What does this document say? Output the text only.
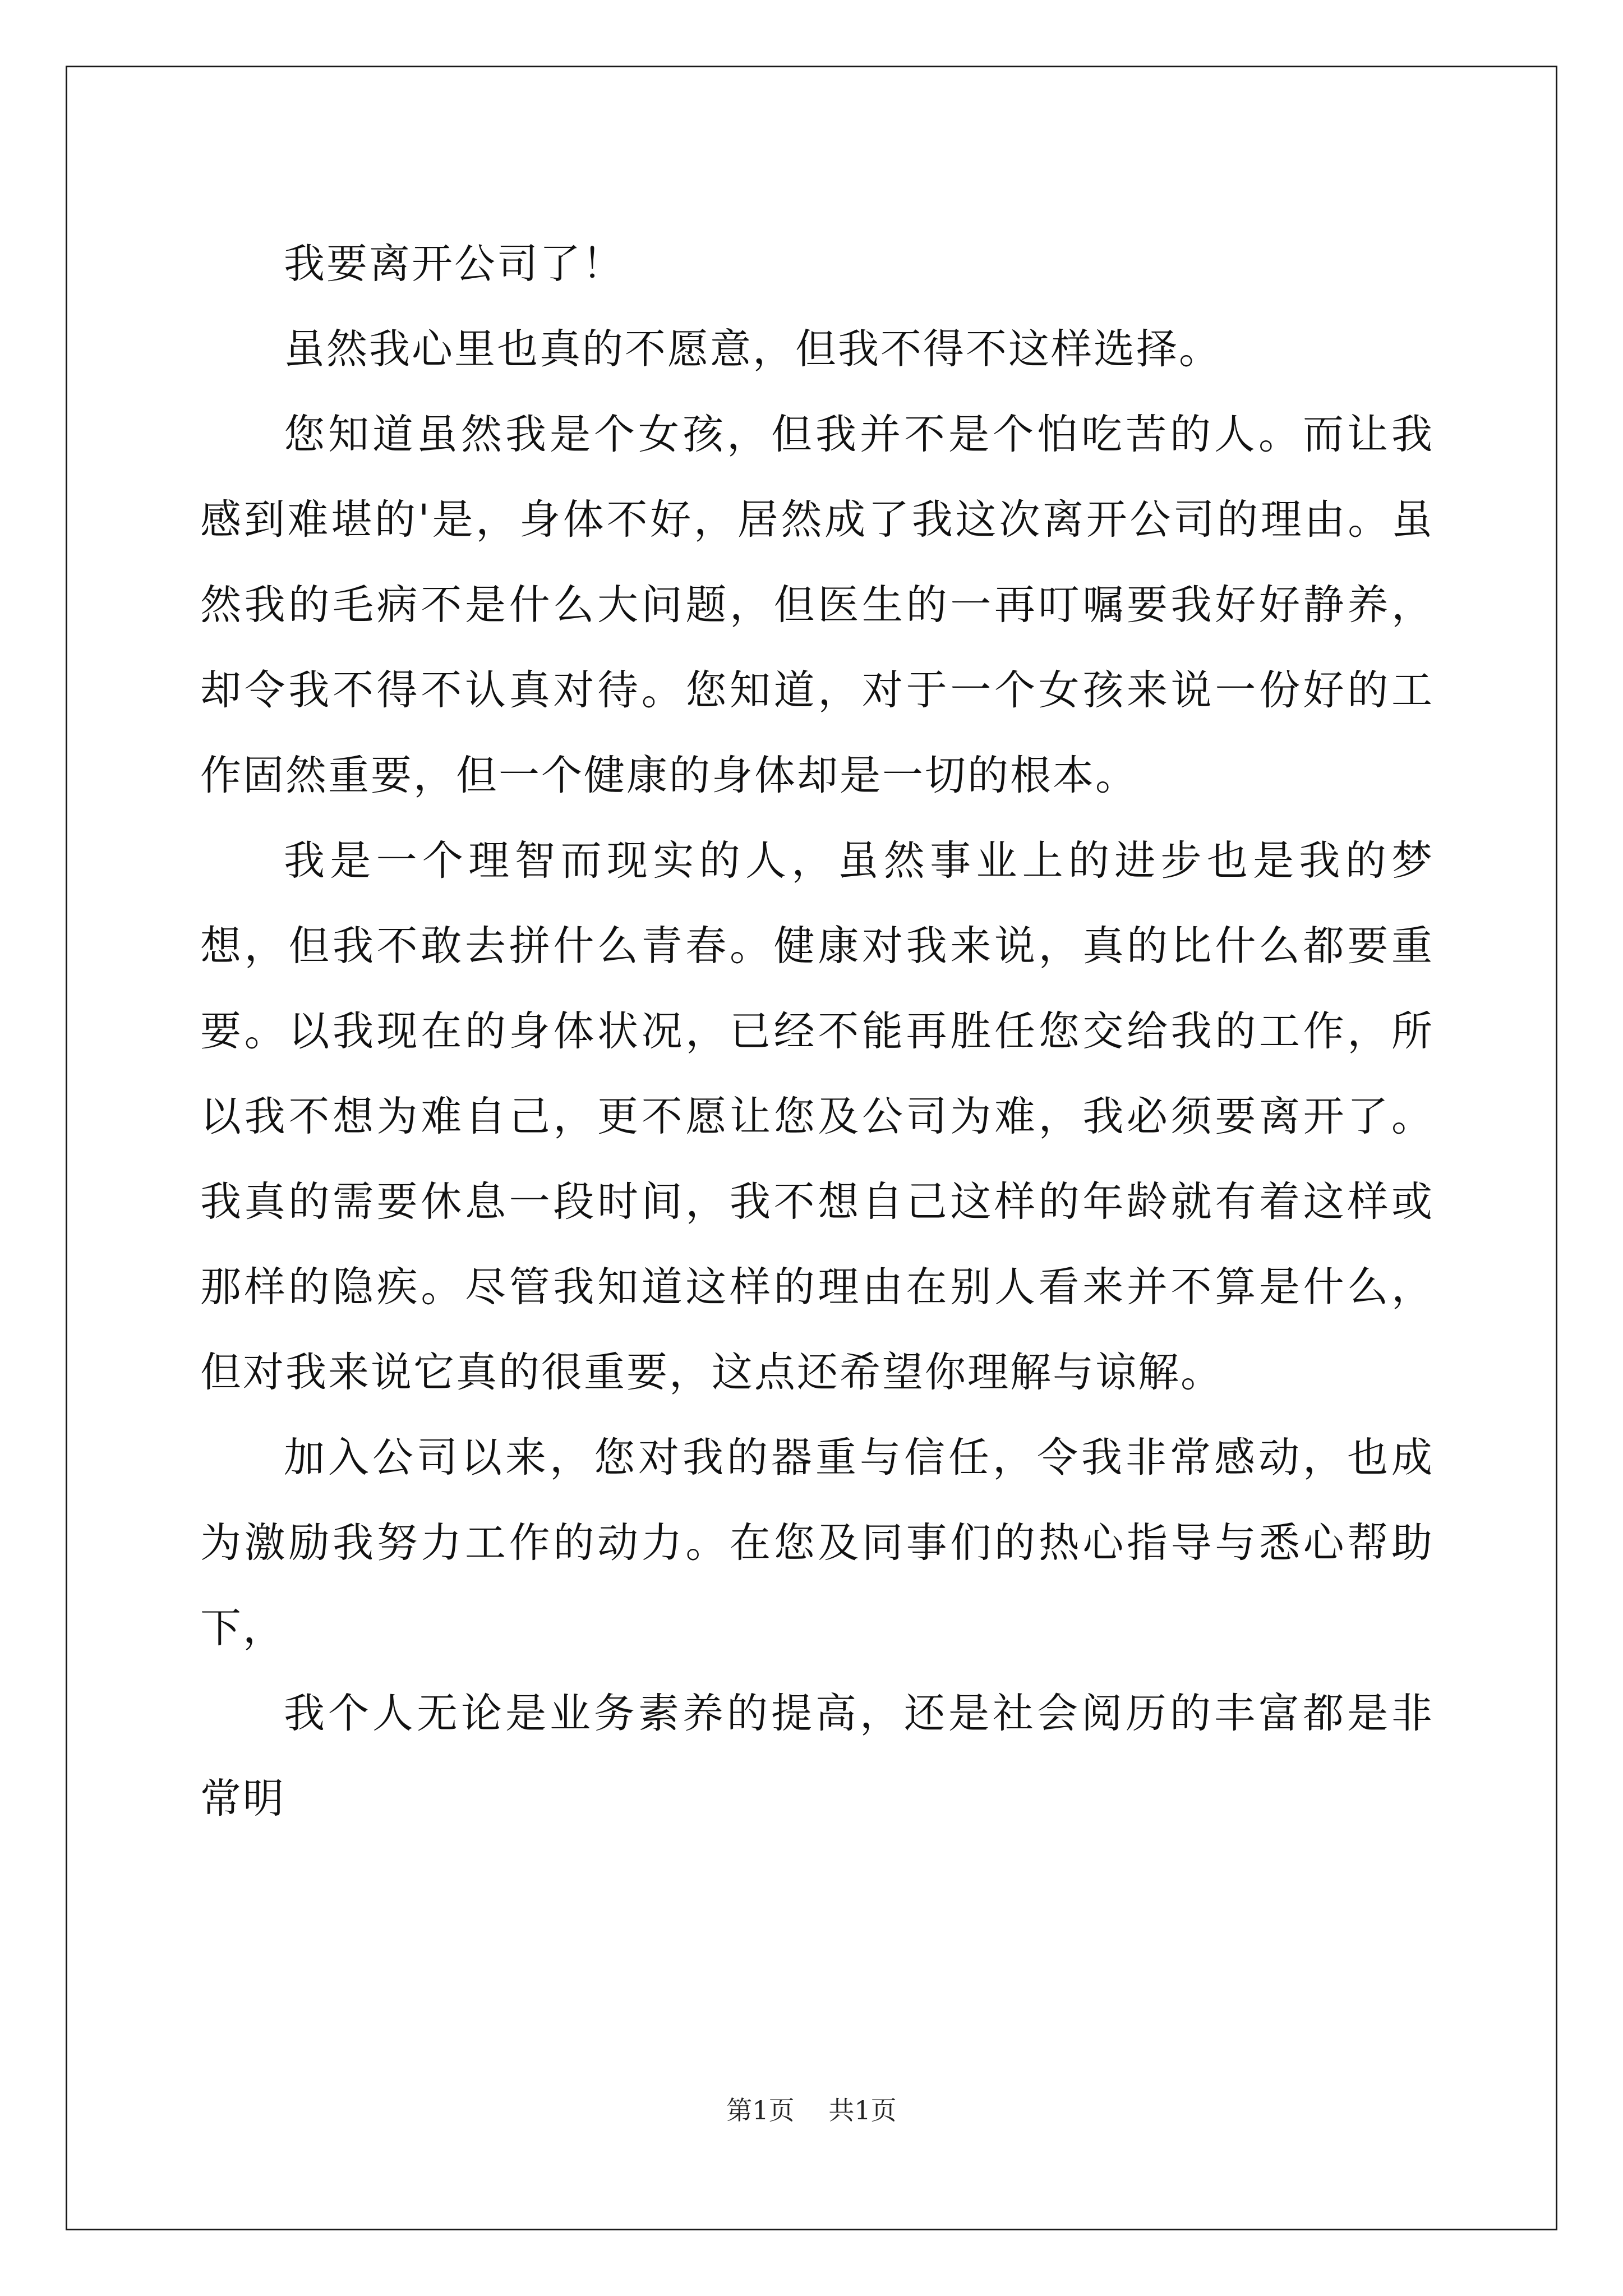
我要离开公司了！

虽然我心里也真的不愿意，但我不得不这样选择。

您知道虽然我是个女孩，但我并不是个怕吃苦的人。而让我感到难堪的'是，身体不好，居然成了我这次离开公司的理由。虽然我的毛病不是什么大问题，但医生的一再叮嘱要我好好静养，却令我不得不认真对待。您知道，对于一个女孩来说一份好的工作固然重要，但一个健康的身体却是一切的根本。

我是一个理智而现实的人，虽然事业上的进步也是我的梦想，但我不敢去拼什么青春。健康对我来说，真的比什么都要重要。以我现在的身体状况，已经不能再胜任您交给我的工作，所以我不想为难自己，更不愿让您及公司为难，我必须要离开了。我真的需要休息一段时间，我不想自己这样的年龄就有着这样或那样的隐疾。尽管我知道这样的理由在别人看来并不算是什么，但对我来说它真的很重要，这点还希望你理解与谅解。

加入公司以来，您对我的器重与信任，令我非常感动，也成为激励我努力工作的动力。在您及同事们的热心指导与悉心帮助下，

我个人无论是业务素养的提高，还是社会阅历的丰富都是非常明

第1页 共1页
